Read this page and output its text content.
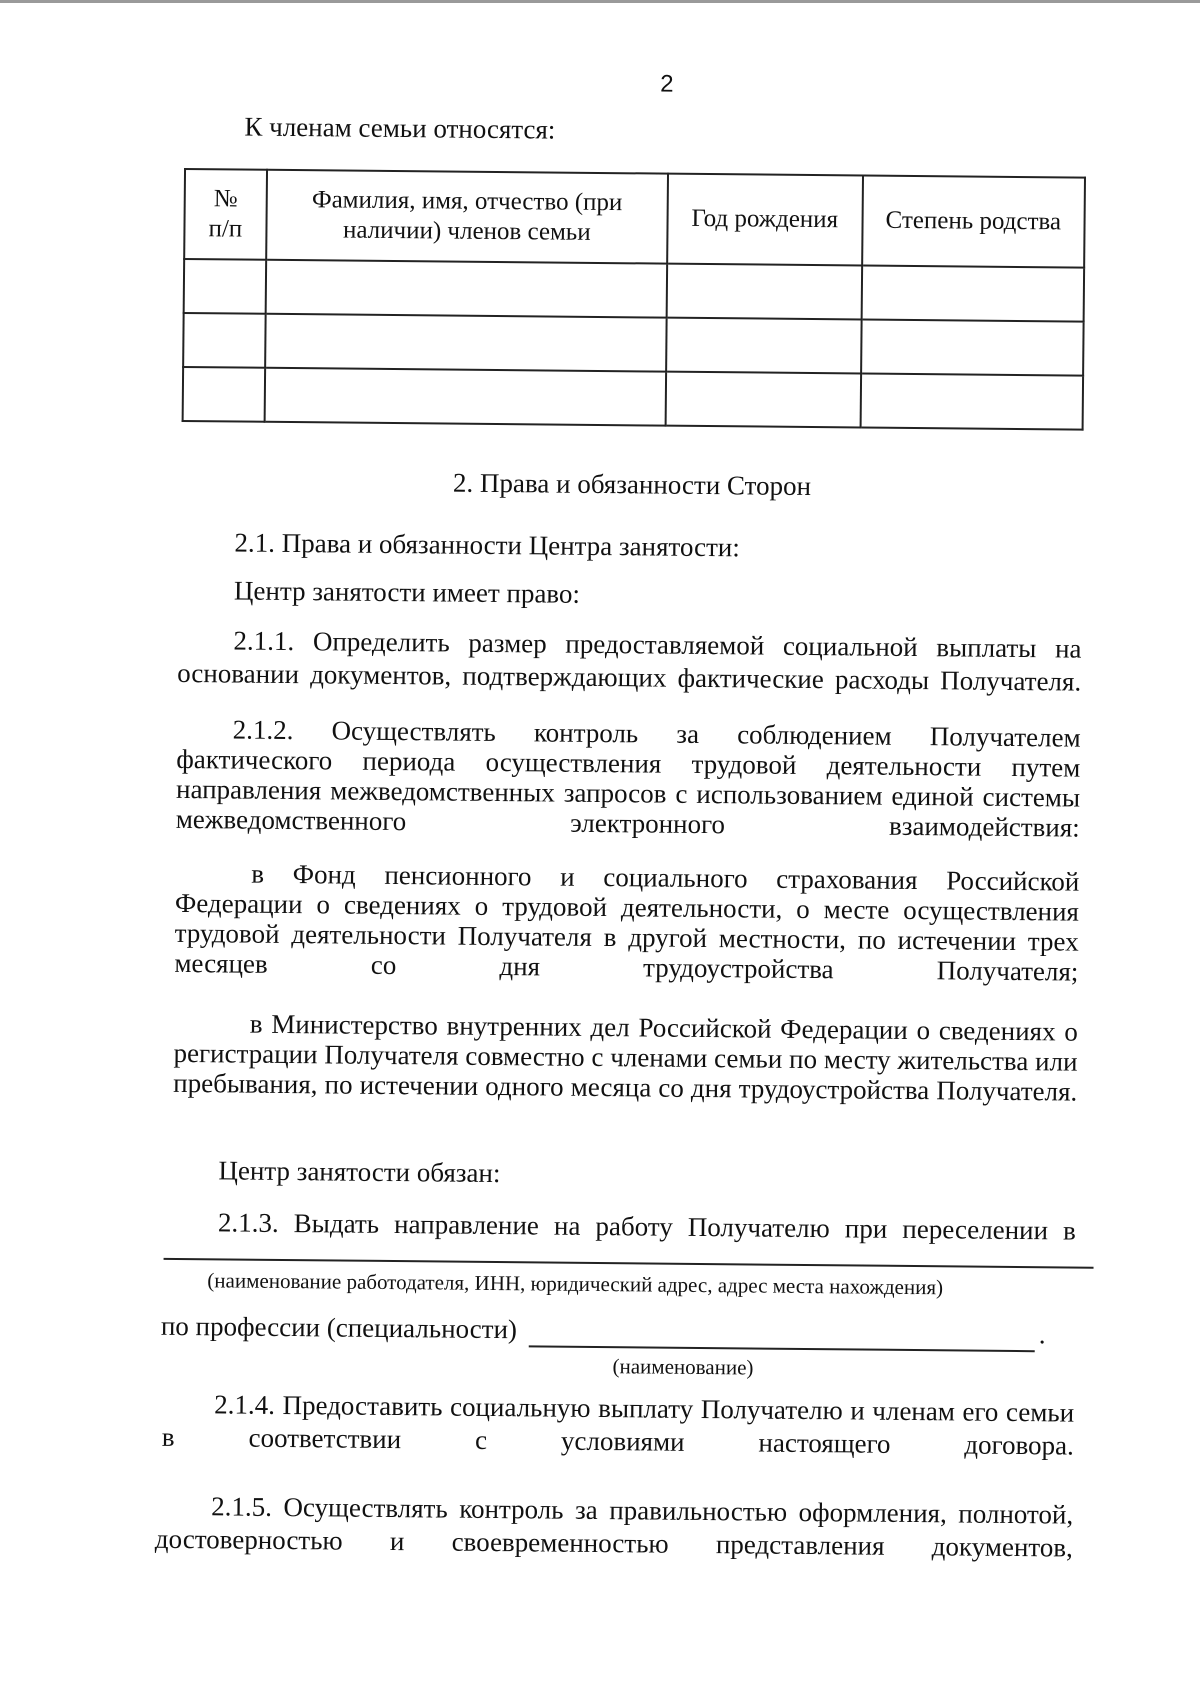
2
К членам семьи относятся:
№ п/п	Фамилия, имя, отчество (при наличии) членов семьи	Год рождения	Степень родства

2. Права и обязанности Сторон
2.1. Права и обязанности Центра занятости:
Центр занятости имеет право:
2.1.1. Определить размер предоставляемой социальной выплаты на основании документов, подтверждающих фактические расходы Получателя.
2.1.2. Осуществлять контроль за соблюдением Получателем фактического периода осуществления трудовой деятельности путем направления межведомственных запросов с использованием единой системы межведомственного электронного взаимодействия:
в Фонд пенсионного и социального страхования Российской Федерации о сведениях о трудовой деятельности, о месте осуществления трудовой деятельности Получателя в другой местности, по истечении трех месяцев со дня трудоустройства Получателя;
в Министерство внутренних дел Российской Федерации о сведениях о регистрации Получателя совместно с членами семьи по месту жительства или пребывания, по истечении одного месяца со дня трудоустройства Получателя.
Центр занятости обязан:
2.1.3. Выдать направление на работу Получателю при переселении в
(наименование работодателя, ИНН, юридический адрес, адрес места нахождения)
по профессии (специальности)	.
(наименование)
2.1.4. Предоставить социальную выплату Получателю и членам его семьи в соответствии с условиями настоящего договора.
2.1.5. Осуществлять контроль за правильностью оформления, полнотой, достоверностью и своевременностью представления документов,
